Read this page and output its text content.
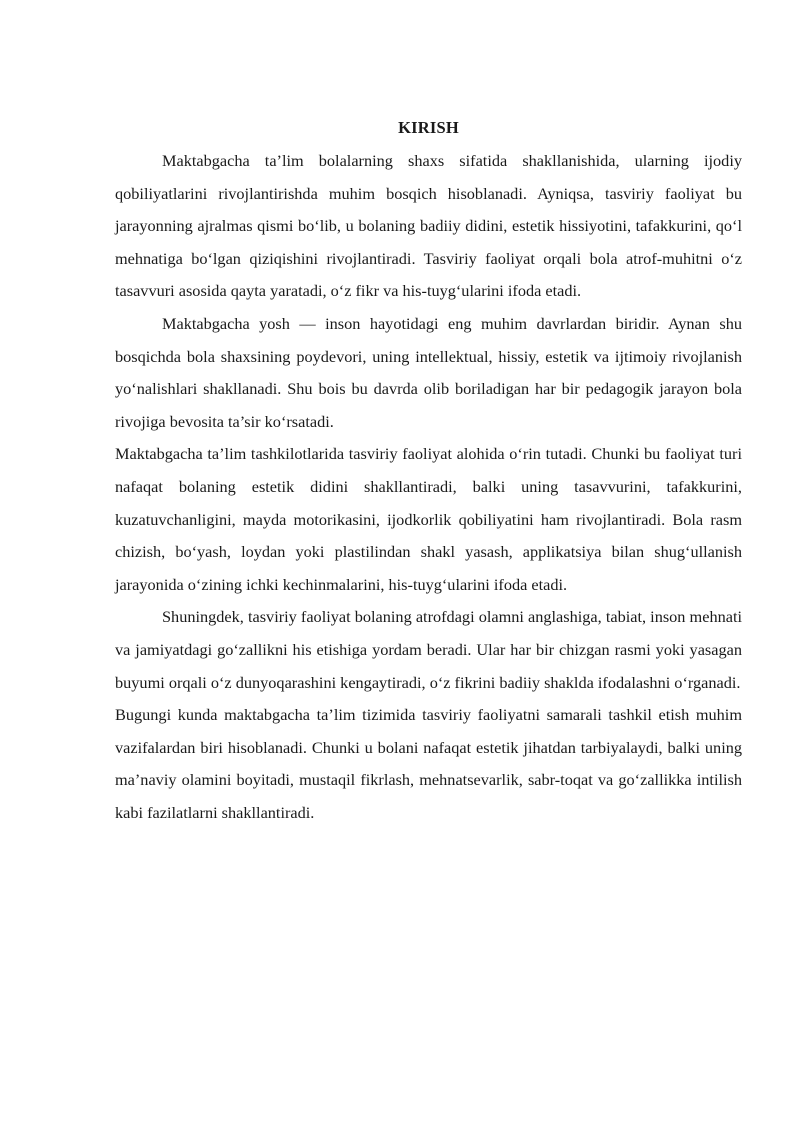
KIRISH

Maktabgacha ta’lim bolalarning shaxs sifatida shakllanishida, ularning ijodiy qobiliyatlarini rivojlantirishda muhim bosqich hisoblanadi. Ayniqsa, tasviriy faoliyat bu jarayonning ajralmas qismi bo‘lib, u bolaning badiiy didini, estetik hissiyotini, tafakkurini, qo‘l mehnatiga bo‘lgan qiziqishini rivojlantiradi. Tasviriy faoliyat orqali bola atrof-muhitni o‘z tasavvuri asosida qayta yaratadi, o‘z fikr va his-tuyg‘ularini ifoda etadi.

Maktabgacha yosh — inson hayotidagi eng muhim davrlardan biridir. Aynan shu bosqichda bola shaxsining poydevori, uning intellektual, hissiy, estetik va ijtimoiy rivojlanish yo‘nalishlari shakllanadi. Shu bois bu davrda olib boriladigan har bir pedagogik jarayon bola rivojiga bevosita ta’sir ko‘rsatadi.

Maktabgacha ta’lim tashkilotlarida tasviriy faoliyat alohida o‘rin tutadi. Chunki bu faoliyat turi nafaqat bolaning estetik didini shakllantiradi, balki uning tasavvurini, tafakkurini, kuzatuvchanligini, mayda motorikasini, ijodkorlik qobiliyatini ham rivojlantiradi. Bola rasm chizish, bo‘yash, loydan yoki plastilindan shakl yasash, applikatsiya bilan shug‘ullanish jarayonida o‘zining ichki kechinmalarini, his-tuyg‘ularini ifoda etadi.

Shuningdek, tasviriy faoliyat bolaning atrofdagi olamni anglashiga, tabiat, inson mehnati va jamiyatdagi go‘zallikni his etishiga yordam beradi. Ular har bir chizgan rasmi yoki yasagan buyumi orqali o‘z dunyoqarashini kengaytiradi, o‘z fikrini badiiy shaklda ifodalashni o‘rganadi.

Bugungi kunda maktabgacha ta’lim tizimida tasviriy faoliyatni samarali tashkil etish muhim vazifalardan biri hisoblanadi. Chunki u bolani nafaqat estetik jihatdan tarbiyalaydi, balki uning ma’naviy olamini boyitadi, mustaqil fikrlash, mehnatsevarlik, sabr-toqat va go‘zallikka intilish kabi fazilatlarni shakllantiradi.
